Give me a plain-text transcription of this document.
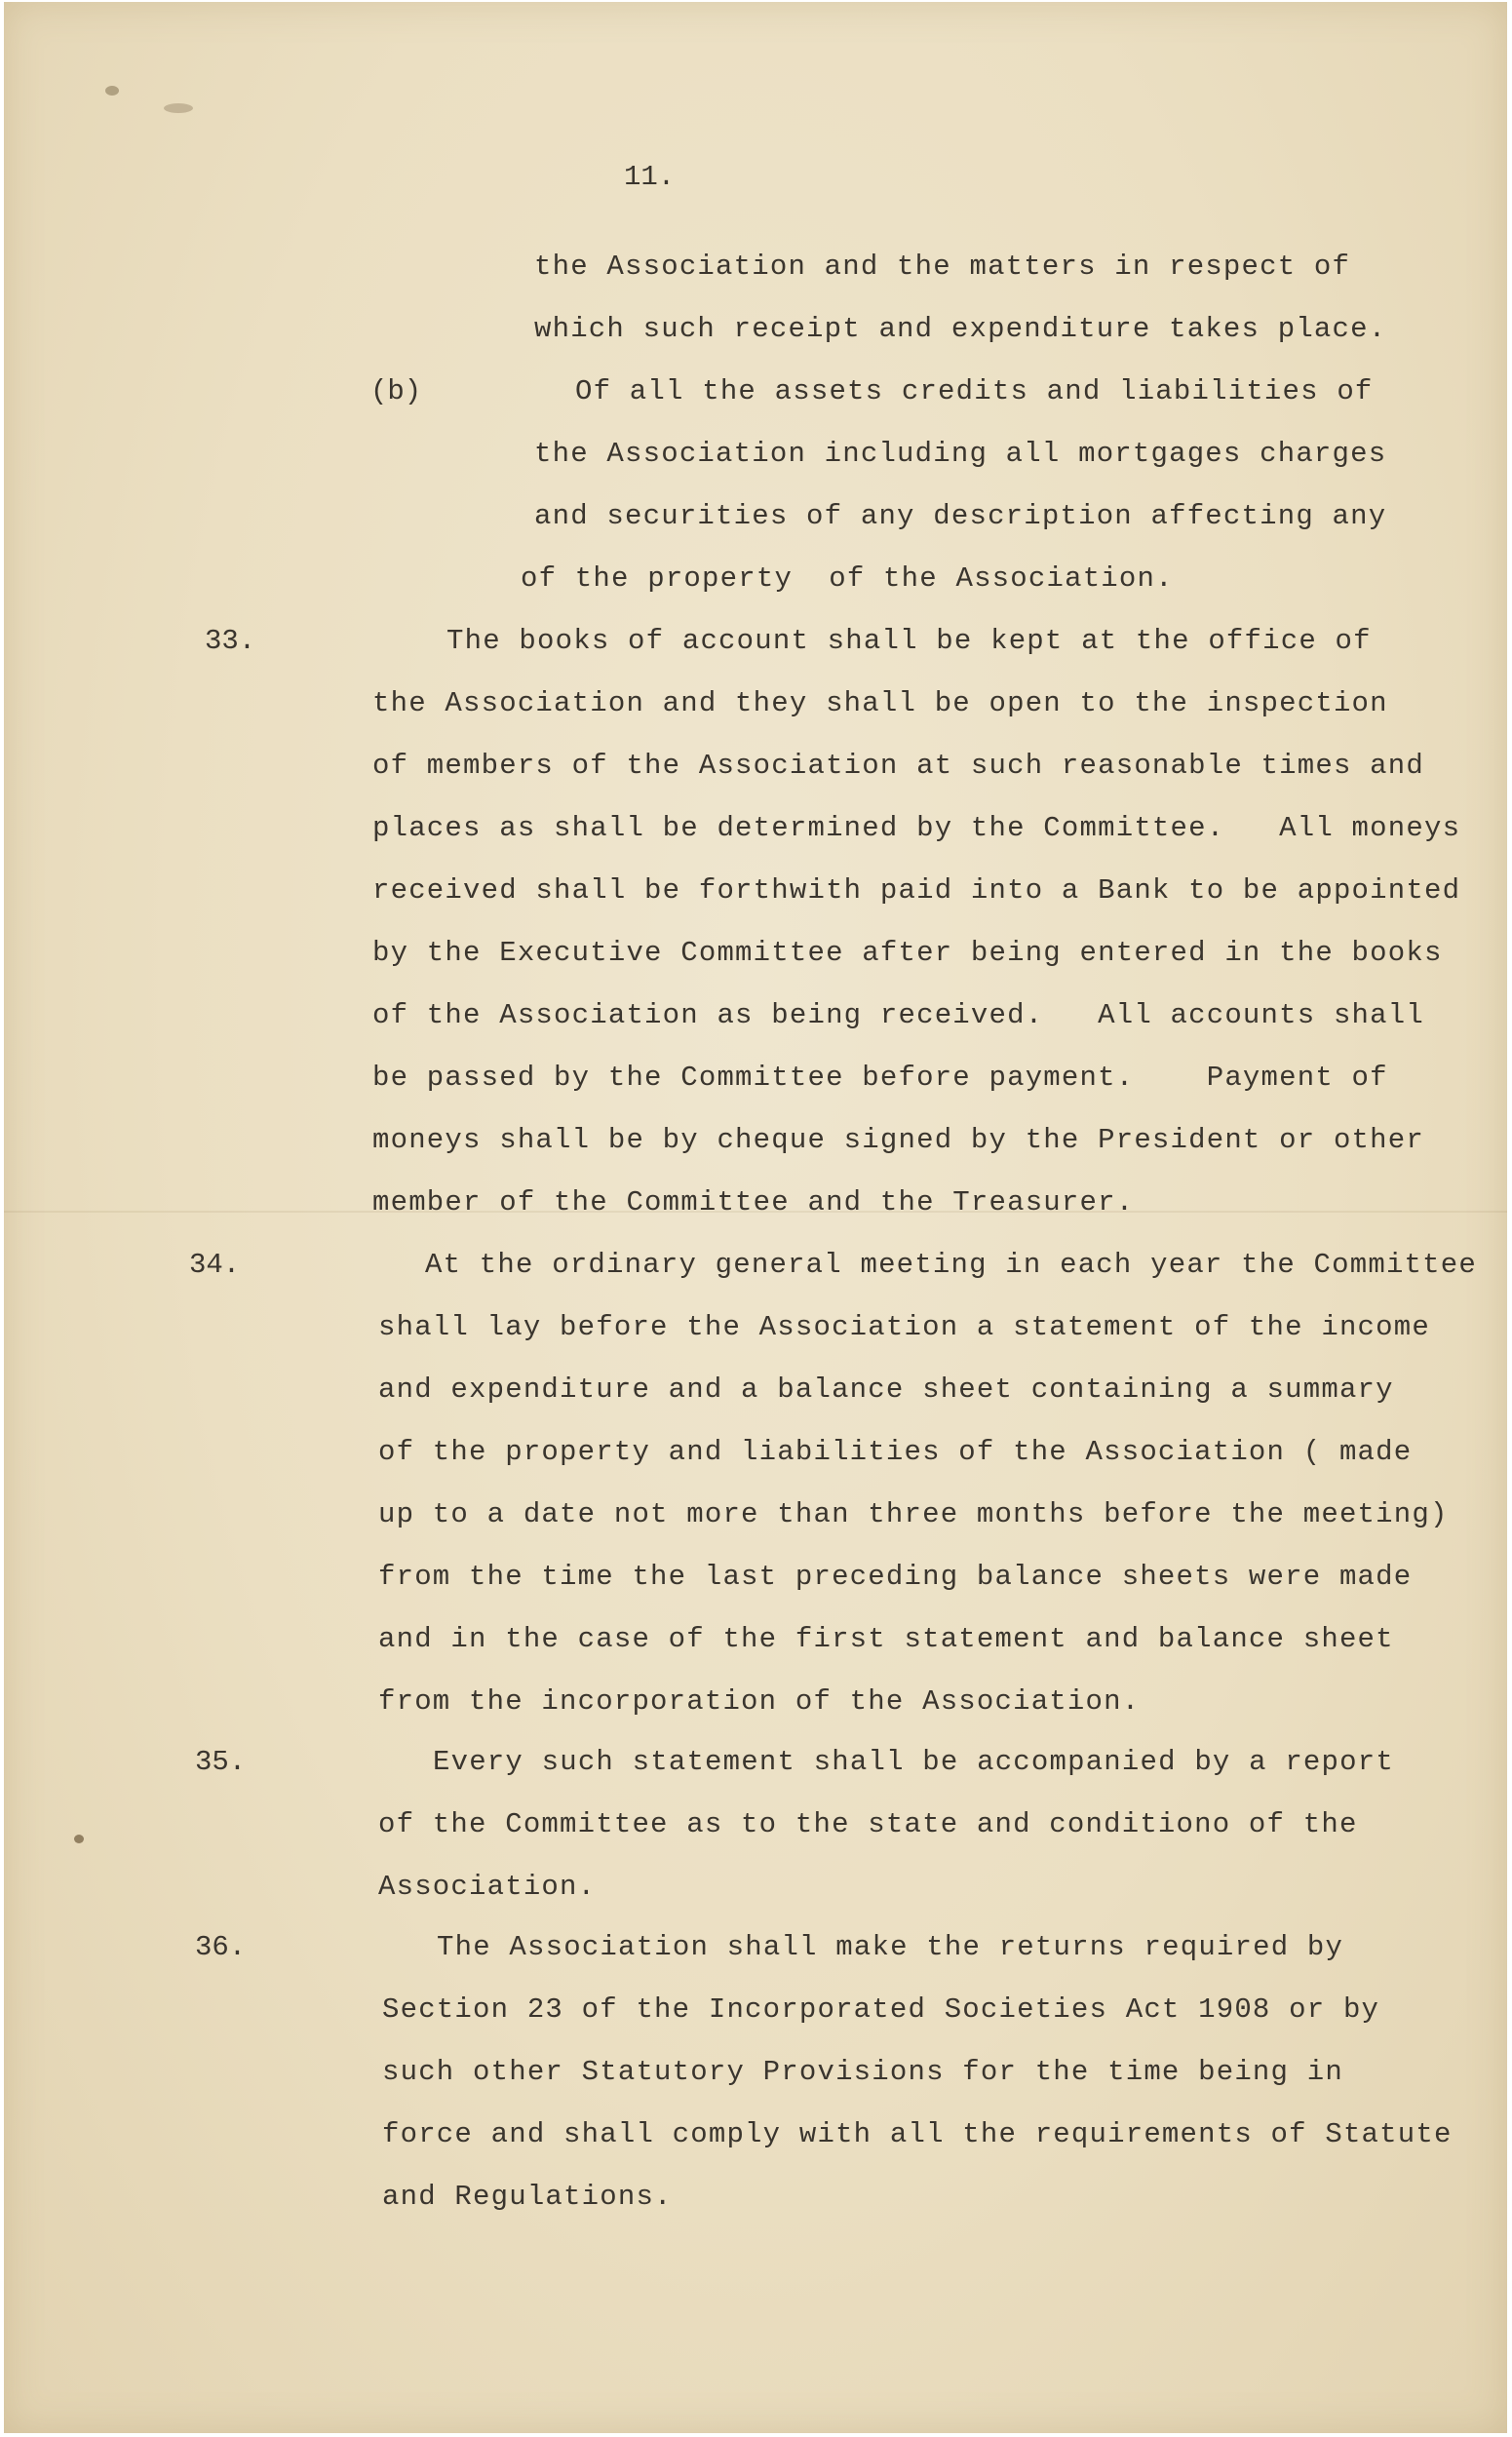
11.
the Association and the matters in respect of
which such receipt and expenditure takes place.
(b)	Of all the assets credits and liabilities of
the Association including all mortgages charges
and securities of any description affecting any
of the property  of the Association.
33.	The books of account shall be kept at the office of
the Association and they shall be open to the inspection
of members of the Association at such reasonable times and
places as shall be determined by the Committee.   All moneys
received shall be forthwith paid into a Bank to be appointed
by the Executive Committee after being entered in the books
of the Association as being received.   All accounts shall
be passed by the Committee before payment.    Payment of
moneys shall be by cheque signed by the President or other
member of the Committee and the Treasurer.
34.	At the ordinary general meeting in each year the Committee
shall lay before the Association a statement of the income
and expenditure and a balance sheet containing a summary
of the property and liabilities of the Association ( made
up to a date not more than three months before the meeting)
from the time the last preceding balance sheets were made
and in the case of the first statement and balance sheet
from the incorporation of the Association.
35.	Every such statement shall be accompanied by a report
of the Committee as to the state and conditiono of the
Association.
36.	The Association shall make the returns required by
Section 23 of the Incorporated Societies Act 1908 or by
such other Statutory Provisions for the time being in
force and shall comply with all the requirements of Statute
and Regulations.
